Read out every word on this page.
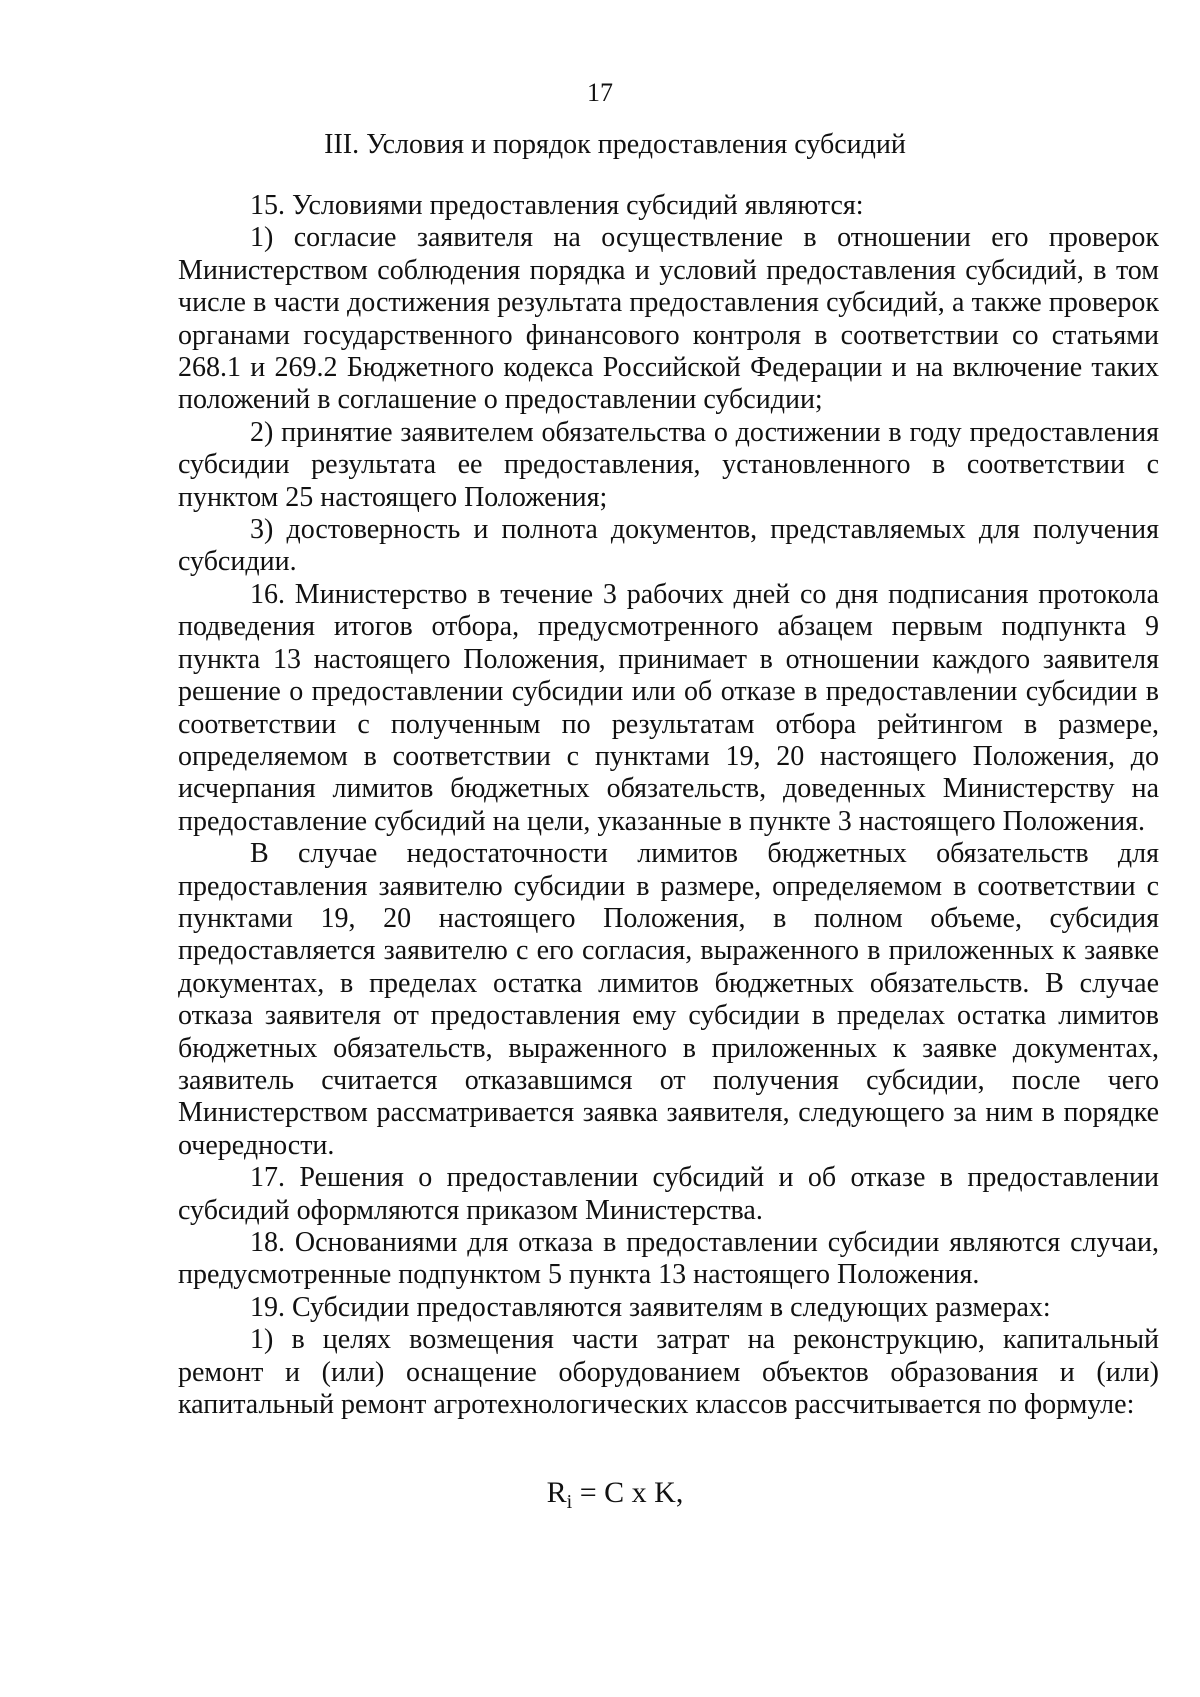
17
III. Условия и порядок предоставления субсидий

15. Условиями предоставления субсидий являются:

1) согласие заявителя на осуществление в отношении его проверок Министерством соблюдения порядка и условий предоставления субсидий, в том числе в части достижения результата предоставления субсидий, а также проверок органами государственного финансового контроля в соответствии со статьями 268.1 и 269.2 Бюджетного кодекса Российской Федерации и на включение таких положений в соглашение о предоставлении субсидии;

2) принятие заявителем обязательства о достижении в году предоставления субсидии результата ее предоставления, установленного в соответствии с пунктом 25 настоящего Положения;

3) достоверность и полнота документов, представляемых для получения субсидии.

16. Министерство в течение 3 рабочих дней со дня подписания протокола подведения итогов отбора, предусмотренного абзацем первым подпункта 9 пункта 13 настоящего Положения, принимает в отношении каждого заявителя решение о предоставлении субсидии или об отказе в предоставлении субсидии в соответствии с полученным по результатам отбора рейтингом в размере, определяемом в соответствии с пунктами 19, 20 настоящего Положения, до исчерпания лимитов бюджетных обязательств, доведенных Министерству на предоставление субсидий на цели, указанные в пункте 3 настоящего Положения.

В случае недостаточности лимитов бюджетных обязательств для предоставления заявителю субсидии в размере, определяемом в соответствии с пунктами 19, 20 настоящего Положения, в полном объеме, субсидия предоставляется заявителю с его согласия, выраженного в приложенных к заявке документах, в пределах остатка лимитов бюджетных обязательств. В случае отказа заявителя от предоставления ему субсидии в пределах остатка лимитов бюджетных обязательств, выраженного в приложенных к заявке документах, заявитель считается отказавшимся от получения субсидии, после чего Министерством рассматривается заявка заявителя, следующего за ним в порядке очередности.

17. Решения о предоставлении субсидий и об отказе в предоставлении субсидий оформляются приказом Министерства.

18. Основаниями для отказа в предоставлении субсидии являются случаи, предусмотренные подпунктом 5 пункта 13 настоящего Положения.

19. Субсидии предоставляются заявителям в следующих размерах:

1) в целях возмещения части затрат на реконструкцию, капитальный ремонт и (или) оснащение оборудованием объектов образования и (или) капитальный ремонт агротехнологических классов рассчитывается по формуле:

$R_i = C$ x K,
